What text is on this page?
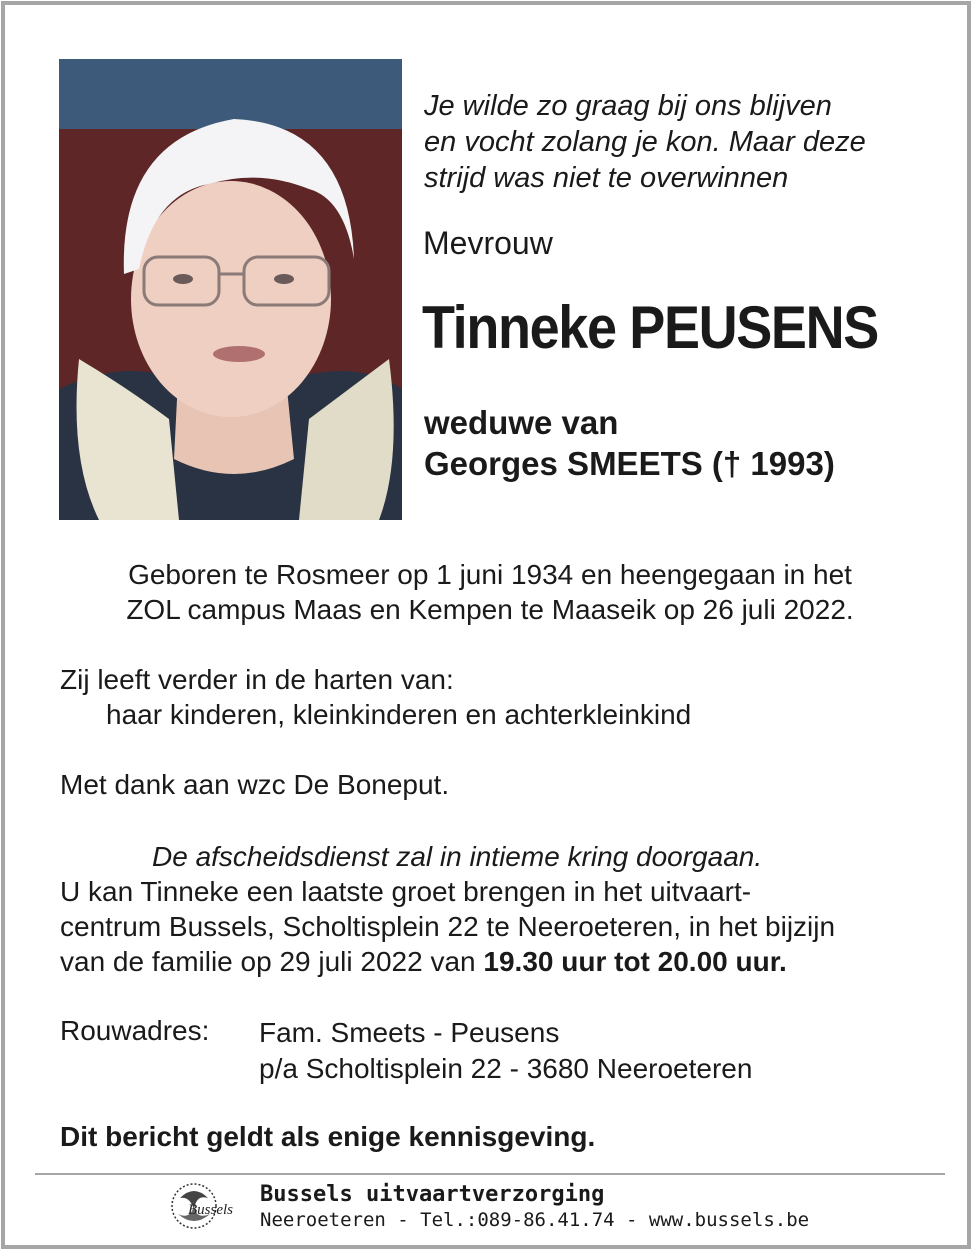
Je wilde zo graag bij ons blijven
en vocht zolang je kon. Maar deze
strijd was niet te overwinnen
Mevrouw
Tinneke PEUSENS
weduwe van
Georges SMEETS († 1993)
Geboren te Rosmeer op 1 juni 1934 en heengegaan in het
ZOL campus Maas en Kempen te Maaseik op 26 juli 2022.
Zij leeft verder in de harten van:
haar kinderen, kleinkinderen en achterkleinkind
Met dank aan wzc De Boneput.
De afscheidsdienst zal in intieme kring doorgaan.
U kan Tinneke een laatste groet brengen in het uitvaart-
centrum Bussels, Scholtisplein 22 te Neeroeteren, in het bijzijn
van de familie op 29 juli 2022 van 19.30 uur tot 20.00 uur.
Rouwadres: Fam. Smeets - Peusens
p/a Scholtisplein 22 - 3680 Neeroeteren
Dit bericht geldt als enige kennisgeving.
Bussels
Bussels uitvaartverzorging
Neeroeteren - Tel.:089-86.41.74 - www.bussels.be
